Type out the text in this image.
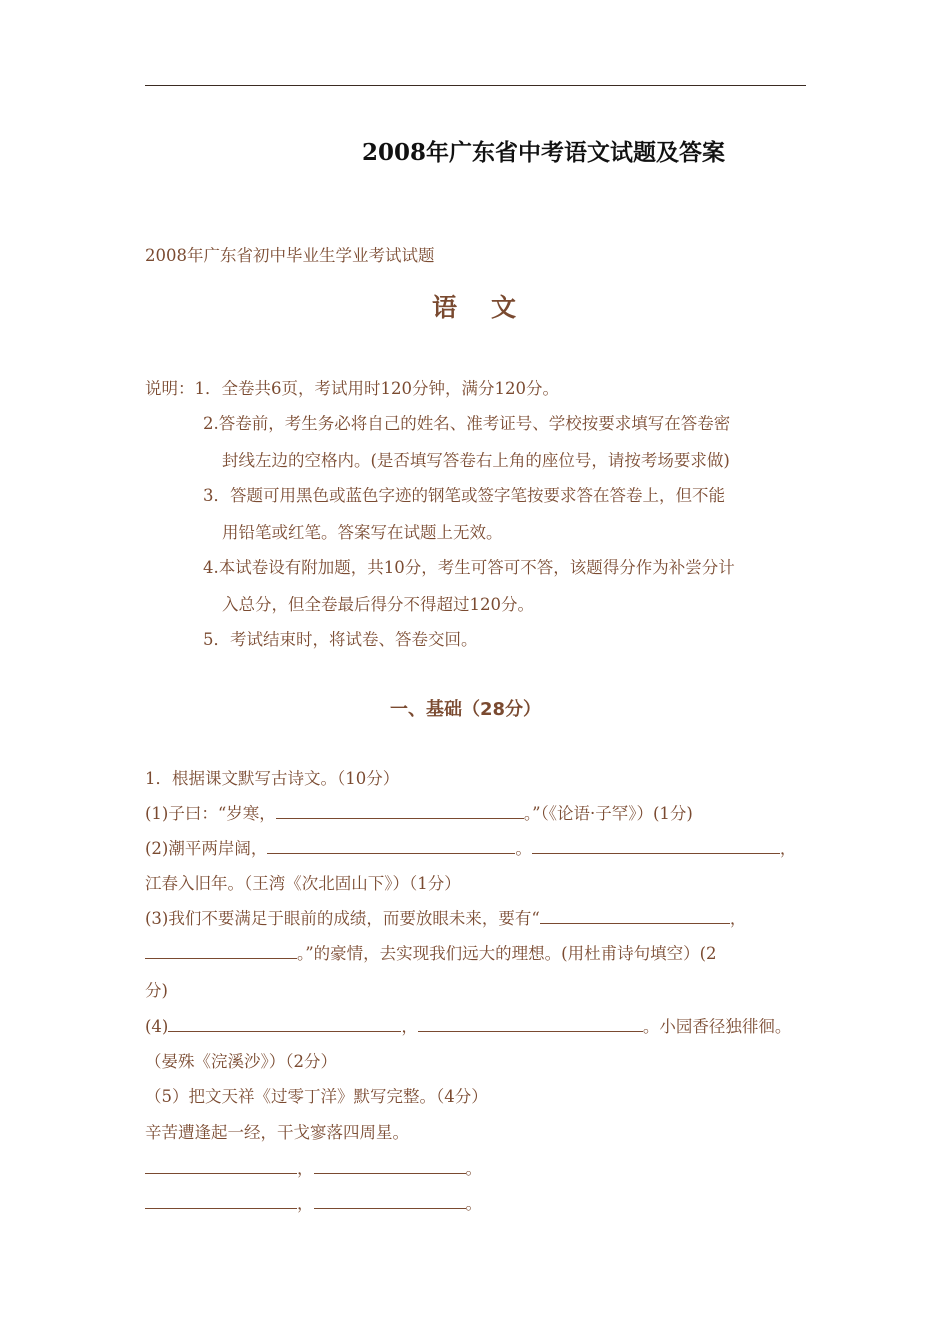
2008年广东省中考语文试题及答案
2008年广东省初中毕业生学业考试试题
语文
说明：1．全卷共6页，考试用时120分钟，满分120分。
2.答卷前，考生务必将自己的姓名、准考证号、学校按要求填写在答卷密
封线左边的空格内。(是否填写答卷右上角的座位号，请按考场要求做)
3．答题可用黑色或蓝色字迹的钢笔或签字笔按要求答在答卷上，但不能
用铅笔或红笔。答案写在试题上无效。
4.本试卷设有附加题，共10分，考生可答可不答，该题得分作为补尝分计
入总分，但全卷最后得分不得超过120分。
5．考试结束时，将试卷、答卷交回。
一、基础（28分）
1．根据课文默写古诗文。（10分）
(1)子曰：“岁寒，	。”（《论语·子罕》）(1分)
(2)潮平两岸阔，	。	，
江春入旧年。（王湾《次北固山下》）（1分）
(3)我们不要满足于眼前的成绩，而要放眼未来，要有“	，
。”的豪情，去实现我们远大的理想。(用杜甫诗句填空）(2
分)
(4)	，	。小园香径独徘徊。
（晏殊《浣溪沙》）（2分）
（5）把文天祥《过零丁洋》默写完整。（4分）
辛苦遭逢起一经，干戈寥落四周星。
，	。
，	。
